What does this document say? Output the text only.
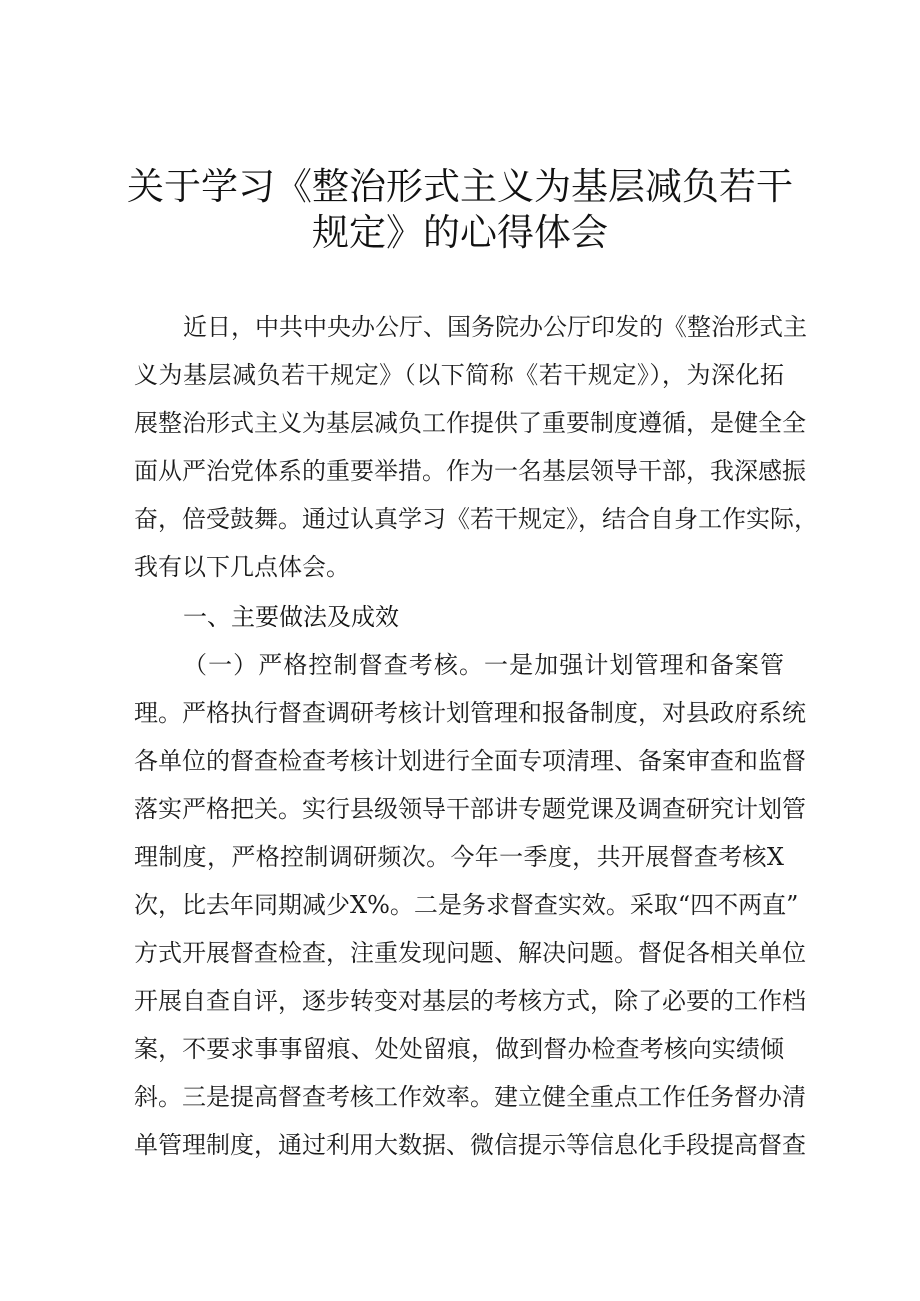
关于学习《整治形式主义为基层减负若干
规定》的心得体会
近日，中共中央办公厅、国务院办公厅印发的《整治形式主
义为基层减负若干规定》（以下简称《若干规定》），为深化拓
展整治形式主义为基层减负工作提供了重要制度遵循，是健全全
面从严治党体系的重要举措。作为一名基层领导干部，我深感振
奋，倍受鼓舞。通过认真学习《若干规定》，结合自身工作实际，
我有以下几点体会。
一、主要做法及成效
（一）严格控制督查考核。一是加强计划管理和备案管
理。严格执行督查调研考核计划管理和报备制度，对县政府系统
各单位的督查检查考核计划进行全面专项清理、备案审查和监督
落实严格把关。实行县级领导干部讲专题党课及调查研究计划管
理制度，严格控制调研频次。今年一季度，共开展督查考核X
次，比去年同期减少X%。二是务求督查实效。采取“四不两直”
方式开展督查检查，注重发现问题、解决问题。督促各相关单位
开展自查自评，逐步转变对基层的考核方式，除了必要的工作档
案，不要求事事留痕、处处留痕，做到督办检查考核向实绩倾
斜。三是提高督查考核工作效率。建立健全重点工作任务督办清
单管理制度，通过利用大数据、微信提示等信息化手段提高督查
